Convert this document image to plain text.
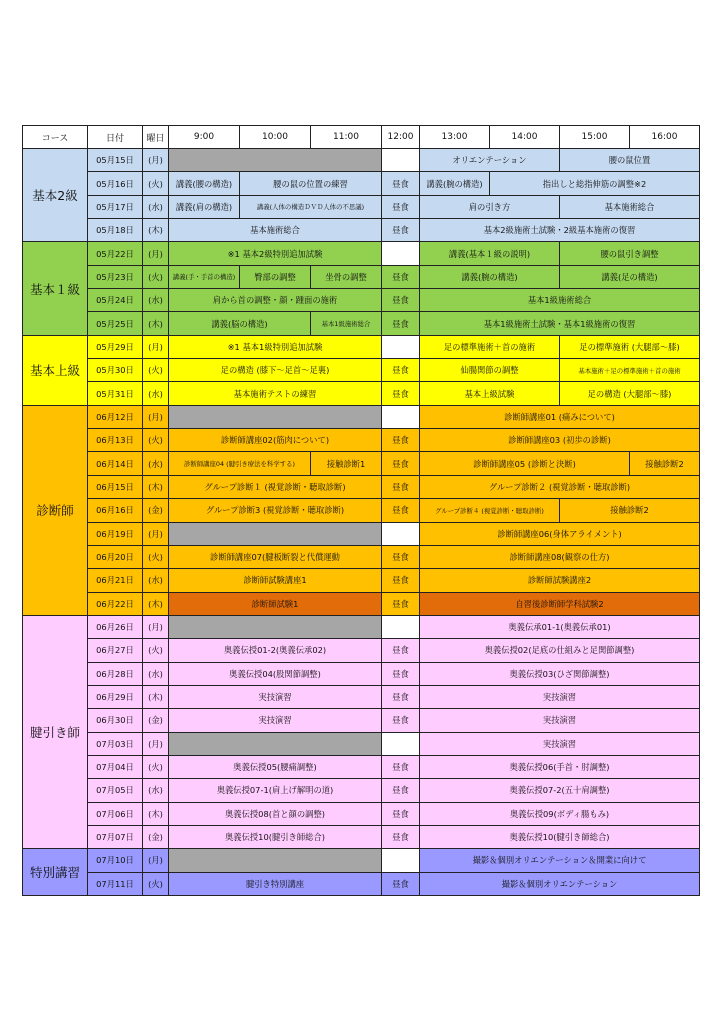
コース	日付	曜日	9:00	10:00	11:00	12:00	13:00	14:00	15:00	16:00
基本2級	05月15日	(月)					オリエンテーション		腰の鼠位置	
	05月16日	(火)	講義(腰の構造)	腰の鼠の位置の練習		昼食	講義(腕の構造)	指出しと総指伸筋の調整※2		
	05月17日	(水)	講義(肩の構造)	講義(人体の構造ＤＶＤ人体の不思議)		昼食	肩の引き方		基本施術総合	
	05月18日	(木)	基本施術総合			昼食	基本2級施術土試験・2級基本施術の復習			
基本１級	05月22日	(月)	※1 基本2級特別追加試験				講義(基本１級の説明)		腰の鼠引き調整	
	05月23日	(火)	講義(手・手首の構造)	臀部の調整	坐骨の調整	昼食	講義(腕の構造)		講義(足の構造)	
	05月24日	(水)	肩から首の調整・顔・踵面の施術			昼食	基本1級施術総合			
	05月25日	(木)	講義(脳の構造)		基本1級施術総合	昼食	基本1級施術土試験・基本1級施術の復習			
基本上級	05月29日	(月)	※1 基本1級特別追加試験				足の標準施術＋首の施術		足の標準施術 (大腿部～膝)	
	05月30日	(火)	足の構造 (膝下～足首～足裏)			昼食	仙腸関節の調整		基本施術＋足の標準施術＋首の施術	
	05月31日	(水)	基本施術テストの練習			昼食	基本上級試験		足の構造 (大腿部～膝)	
診断師	06月12日	(月)					診断師講座01 (痛みについて)			
	06月13日	(火)	診断師講座02(筋肉について)			昼食	診断師講座03 (初歩の診断)			
	06月14日	(水)	診断師講座04 (腱引き療法を科学する)		接触診断1	昼食	診断師講座05 (診断と決断)			接触診断2
	06月15日	(木)	グループ診断１ (視覚診断・聴取診断)			昼食	グループ診断２ (視覚診断・聴取診断)			
	06月16日	(金)	グループ診断3 (視覚診断・聴取診断)			昼食	グループ診断４ (視覚診断・聴取診断)		接触診断2	
	06月19日	(月)					診断師講座06(身体アライメント)			
	06月20日	(火)	診断師講座07(腱板断裂と代償運動			昼食	診断師講座08(観察の仕方)			
	06月21日	(水)	診断師試験講座1			昼食	診断師試験講座2			
	06月22日	(木)	診断師試験1			昼食	自習後診断師学科試験2			
腱引き師	06月26日	(月)					奥義伝承01-1(奥義伝承01)			
	06月27日	(火)	奥義伝授01-2(奥義伝承02)			昼食	奥義伝授02(足底の仕組みと足関節調整)			
	06月28日	(水)	奥義伝授04(股関節調整)			昼食	奥義伝授03(ひざ関節調整)			
	06月29日	(木)	実技演習			昼食	実技演習			
	06月30日	(金)	実技演習			昼食	実技演習			
	07月03日	(月)					実技演習			
	07月04日	(火)	奥義伝授05(腰痛調整)			昼食	奥義伝授06(手首・肘調整)			
	07月05日	(水)	奥義伝授07-1(肩上げ解明の道)			昼食	奥義伝授07-2(五十肩調整)			
	07月06日	(木)	奥義伝授08(首と顔の調整)			昼食	奥義伝授09(ボディ腸もみ)			
	07月07日	(金)	奥義伝授10(腱引き師総合)			昼食	奥義伝授10(腱引き師総合)			
特別講習	07月10日	(月)					撮影＆個別オリエンテーション＆開業に向けて			
	07月11日	(火)	腱引き特別講座			昼食	撮影＆個別オリエンテーション			
